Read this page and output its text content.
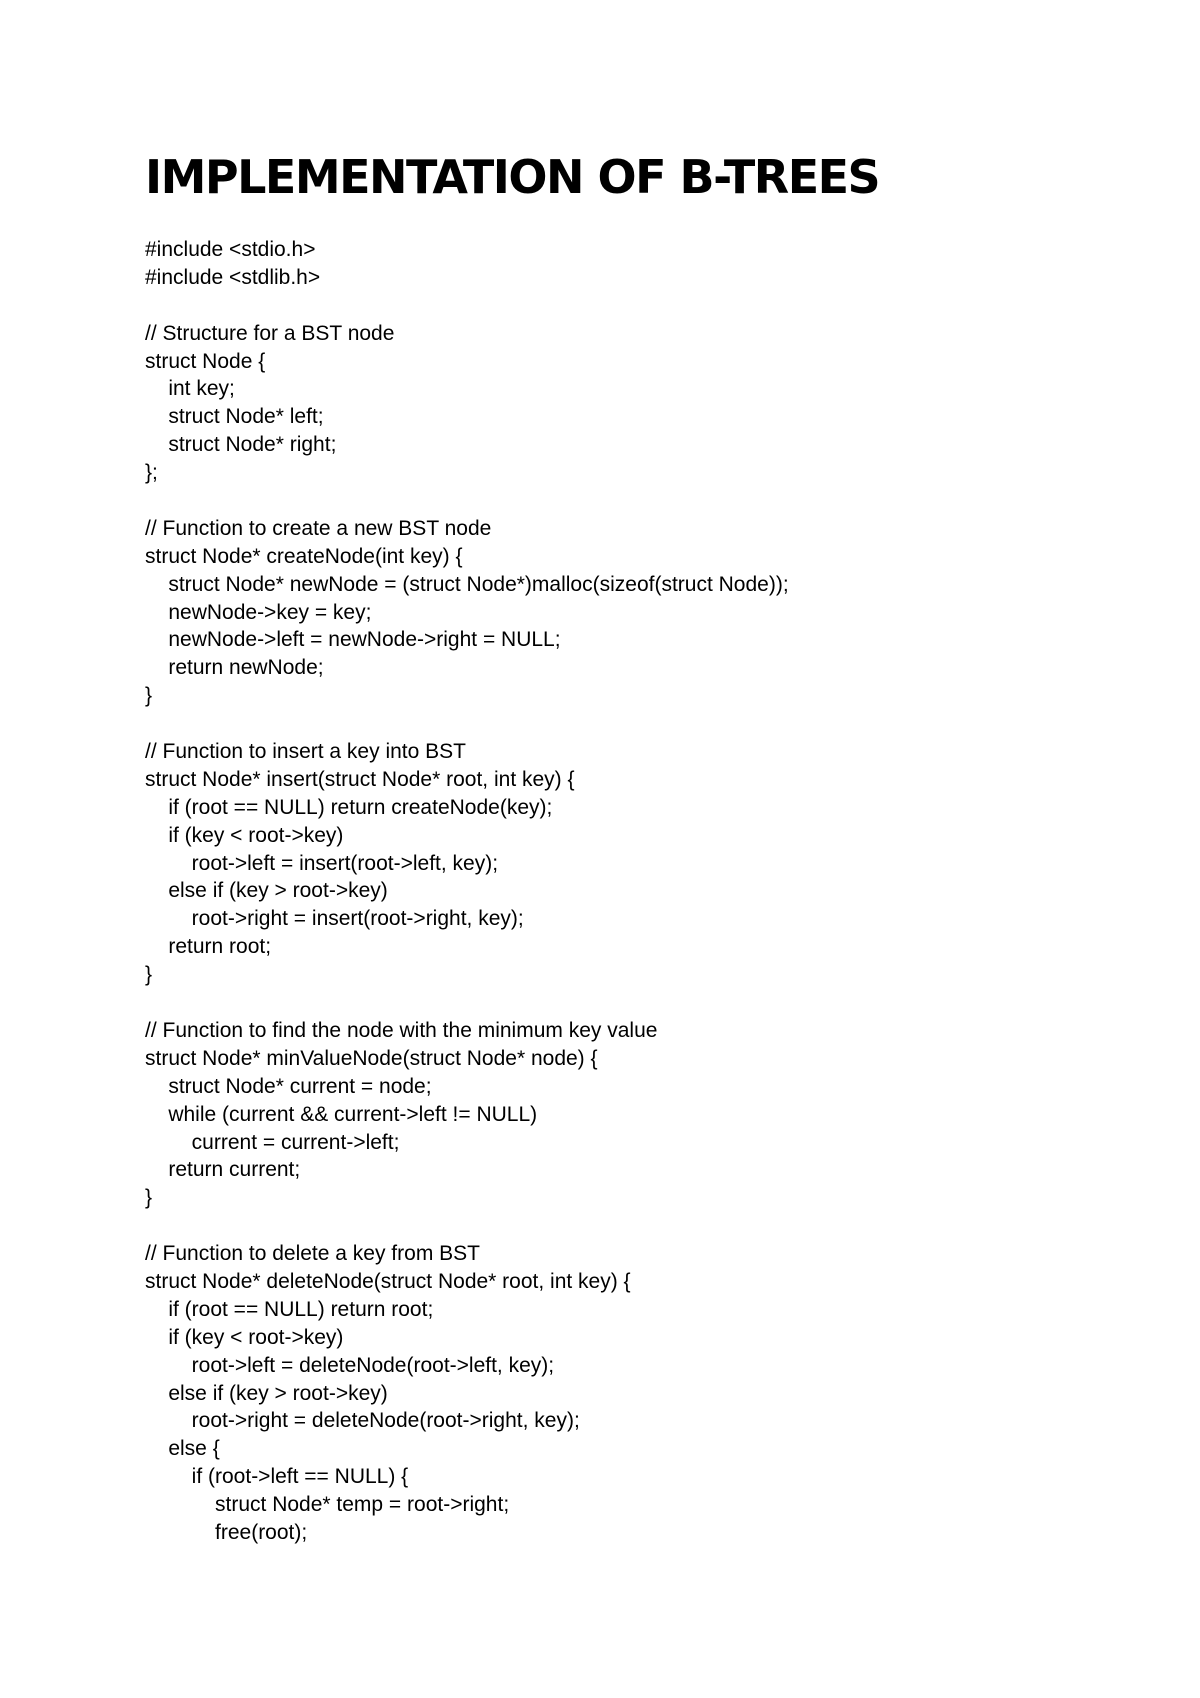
IMPLEMENTATION OF B-TREES
#include <stdio.h>
#include <stdlib.h>
// Structure for a BST node
struct Node {
int key;
struct Node* left;
struct Node* right;
};
// Function to create a new BST node
struct Node* createNode(int key) {
struct Node* newNode = (struct Node*)malloc(sizeof(struct Node));
newNode->key = key;
newNode->left = newNode->right = NULL;
return newNode;
}
// Function to insert a key into BST
struct Node* insert(struct Node* root, int key) {
if (root == NULL) return createNode(key);
if (key < root->key)
root->left = insert(root->left, key);
else if (key > root->key)
root->right = insert(root->right, key);
return root;
}
// Function to find the node with the minimum key value
struct Node* minValueNode(struct Node* node) {
struct Node* current = node;
while (current && current->left != NULL)
current = current->left;
return current;
}
// Function to delete a key from BST
struct Node* deleteNode(struct Node* root, int key) {
if (root == NULL) return root;
if (key < root->key)
root->left = deleteNode(root->left, key);
else if (key > root->key)
root->right = deleteNode(root->right, key);
else {
if (root->left == NULL) {
struct Node* temp = root->right;
free(root);
